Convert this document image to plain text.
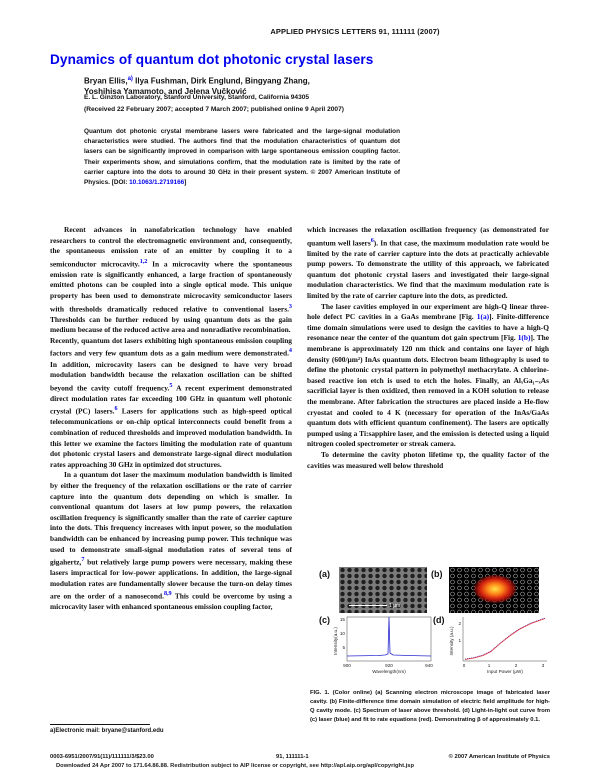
APPLIED PHYSICS LETTERS 91, 111111 (2007)
Dynamics of quantum dot photonic crystal lasers
Bryan Ellis,$^{a)}$ Ilya Fushman, Dirk Englund, Bingyang Zhang,
Yoshihisa Yamamoto, and Jelena Vučković
E. L. Ginzton Laboratory, Stanford University, Stanford, California 94305
(Received 22 February 2007; accepted 7 March 2007; published online 9 April 2007)
Quantum dot photonic crystal membrane lasers were fabricated and the large-signal modulation characteristics were studied. The authors find that the modulation characteristics of quantum dot lasers can be significantly improved in comparison with large spontaneous emission coupling factor. Their experiments show, and simulations confirm, that the modulation rate is limited by the rate of carrier capture into the dots to around 30 GHz in their present system. © 2007 American Institute of Physics. [DOI: 10.1063/1.2719166]

Recent advances in nanofabrication technology have enabled researchers to control the electromagnetic environment and, consequently, the spontaneous emission rate of an emitter by coupling it to a semiconductor microcavity.$^{1,2}$ In a microcavity where the spontaneous emission rate is significantly enhanced, a large fraction of spontaneously emitted photons can be coupled into a single optical mode. This unique property has been used to demonstrate microcavity semiconductor lasers with thresholds dramatically reduced relative to conventional lasers.$^3$ Thresholds can be further reduced by using quantum dots as the gain medium because of the reduced active area and nonradiative recombination.

Recently, quantum dot lasers exhibiting high spontaneous emission coupling factors and very few quantum dots as a gain medium were demonstrated.$^4$ In addition, microcavity lasers can be designed to have very broad modulation bandwidth because the relaxation oscillation can be shifted beyond the cavity cutoff frequency.$^5$ A recent experiment demonstrated direct modulation rates far exceeding 100 GHz in quantum well photonic crystal (PC) lasers.$^6$ Lasers for applications such as high-speed optical telecommunications or on-chip optical interconnects could benefit from a combination of reduced thresholds and improved modulation bandwidth. In this letter we examine the factors limiting the modulation rate of quantum dot photonic crystal lasers and demonstrate large-signal direct modulation rates approaching 30 GHz in optimized dot structures.

In a quantum dot laser the maximum modulation bandwidth is limited by either the frequency of the relaxation oscillations or the rate of carrier capture into the quantum dots depending on which is smaller. In conventional quantum dot lasers at low pump powers, the relaxation oscillation frequency is significantly smaller than the rate of carrier capture into the dots. This frequency increases with input power, so the modulation bandwidth can be enhanced by increasing pump power. This technique was used to demonstrate small-signal modulation rates of several tens of gigahertz,$^7$ but relatively large pump powers were necessary, making these lasers impractical for low-power applications. In addition, the large-signal modulation rates are fundamentally slower because the turn-on delay times are on the order of a nanosecond.$^{8,9}$ This could be overcome by using a microcavity laser with enhanced spontaneous emission coupling factor,

which increases the relaxation oscillation frequency (as demonstrated for quantum well lasers$^6$). In that case, the maximum modulation rate would be limited by the rate of carrier capture into the dots at practically achievable pump powers. To demonstrate the utility of this approach, we fabricated quantum dot photonic crystal lasers and investigated their large-signal modulation characteristics. We find that the maximum modulation rate is limited by the rate of carrier capture into the dots, as predicted.

The laser cavities employed in our experiment are high-Q linear three-hole defect PC cavities in a GaAs membrane [Fig. 1(a)]. Finite-difference time domain simulations were used to design the cavities to have a high-Q resonance near the center of the quantum dot gain spectrum [Fig. 1(b)]. The membrane is approximately 120 nm thick and contains one layer of high density (600/μm²) InAs quantum dots. Electron beam lithography is used to define the photonic crystal pattern in polymethyl methacrylate. A chlorine-based reactive ion etch is used to etch the holes. Finally, an AlₓGa₁₋ₓAs sacrificial layer is then oxidized, then removed in a KOH solution to release the membrane. After fabrication the structures are placed inside a He-flow cryostat and cooled to 4 K (necessary for operation of the InAs/GaAs quantum dots with efficient quantum confinement). The lasers are optically pumped using a Ti:sapphire laser, and the emission is detected using a liquid nitrogen cooled spectrometer or streak camera.

To determine the cavity photon lifetime τp, the quality factor of the cavities was measured well below threshold

(a)
1 μm
(b)
(c) 15
10
5
900	920	940
Wavelength(nm)
Intensity(a.u.)
(d)	2
1
0	1	2	3
Input Power (μW)
Intensity (a.u.)
FIG. 1. (Color online) (a) Scanning electron microscope image of fabricated laser cavity. (b) Finite-difference time domain simulation of electric field amplitude for high-Q cavity mode. (c) Spectrum of laser above threshold. (d) Light-in-light out curve from (c) laser (blue) and fit to rate equations (red). Demonstrating β of approximately 0.1.
a)Electronic mail: bryane@stanford.edu
0003-6951/2007/91(11)/111111/3/$23.00	91, 111111-1	© 2007 American Institute of Physics
Downloaded 24 Apr 2007 to 171.64.86.88. Redistribution subject to AIP license or copyright, see http://apl.aip.org/apl/copyright.jsp
